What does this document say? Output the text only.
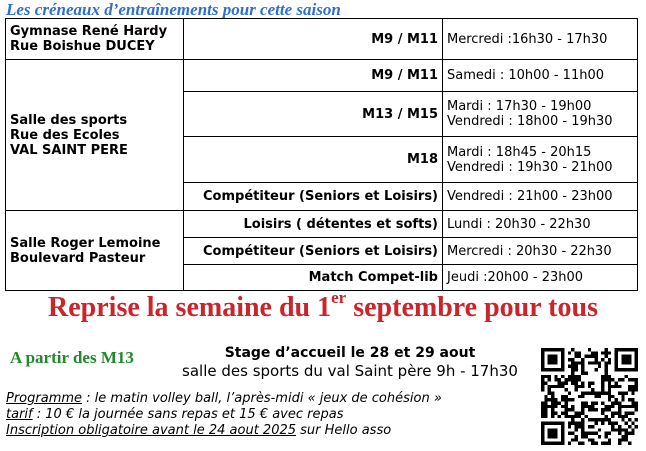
Les créneaux d’entraînements pour cette saison
Gymnase René Hardy
Rue Boishue DUCEY	M9 / M11	Mercredi :16h30 - 17h30

Salle des sports
Rue des Ecoles
VAL SAINT PERE	M9 / M11	Samedi : 10h00 - 11h00

	M13 / M15	Mardi : 17h30 - 19h00
Vendredi : 18h00 - 19h30

	M18	Mardi : 18h45 - 20h15
Vendredi : 19h30 - 21h00

	Compétiteur (Seniors et Loisirs)	Vendredi : 21h00 - 23h00

Salle Roger Lemoine
Boulevard Pasteur	Loisirs ( détentes et softs)	Lundi : 20h30 - 22h30

	Compétiteur (Seniors et Loisirs)	Mercredi : 20h30 - 22h30

	Match Compet-lib	Jeudi :20h00 - 23h00
Reprise la semaine du 1er septembre pour tous
A partir des M13	Stage d’accueil le 28 et 29 aout
salle des sports du val Saint père 9h - 17h30
Programme : le matin volley ball, l’après-midi « jeux de cohésion »
tarif : 10 € la journée sans repas et 15 € avec repas
Inscription obligatoire avant le 24 aout 2025 sur Hello asso
